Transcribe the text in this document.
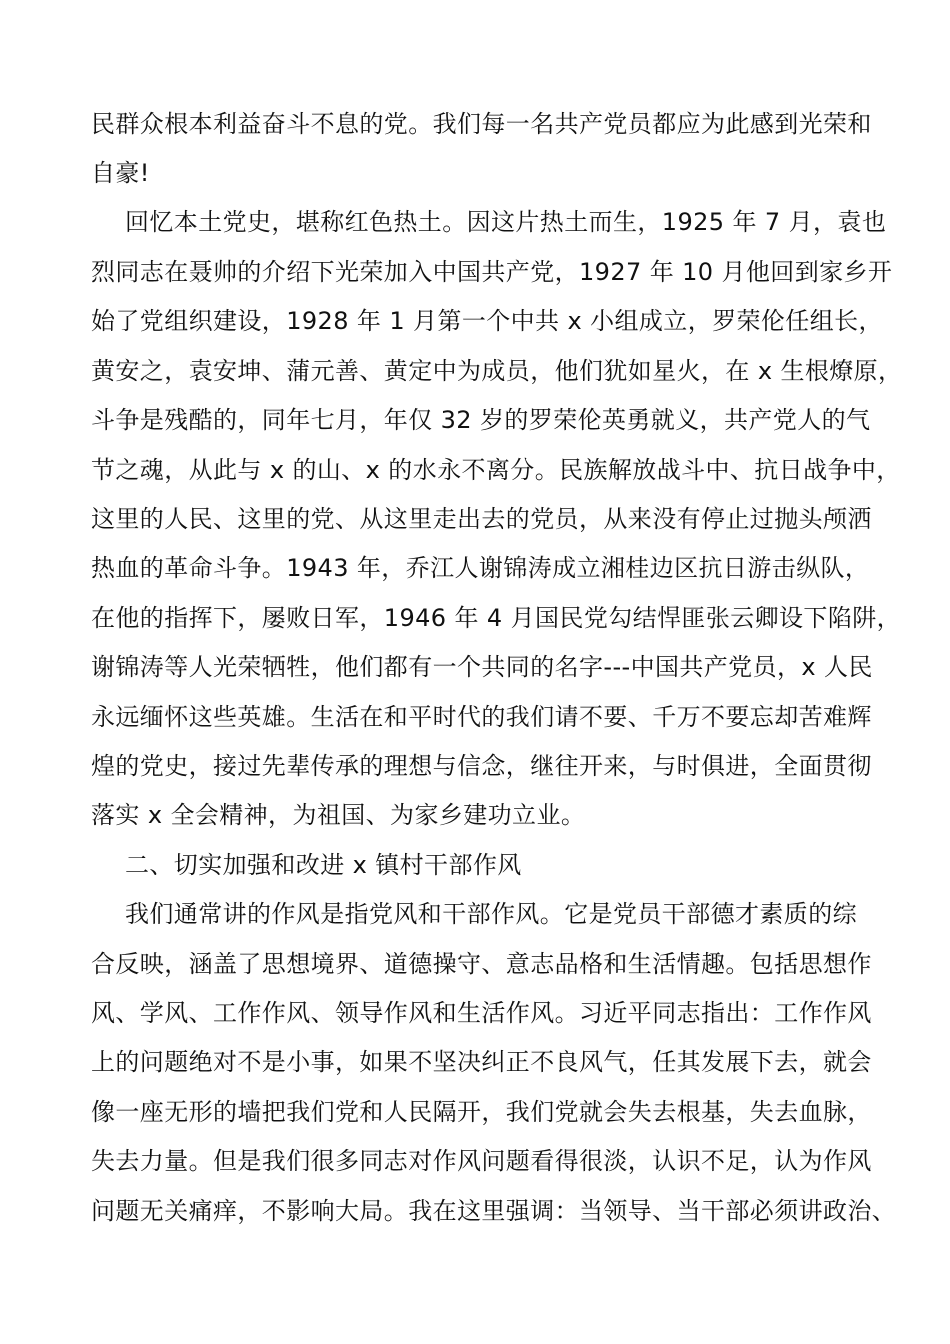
民群众根本利益奋斗不息的党。我们每一名共产党员都应为此感到光荣和
自豪!
回忆本土党史，堪称红色热土。因这片热土而生，1925 年 7 月，袁也
烈同志在聂帅的介绍下光荣加入中国共产党，1927 年 10 月他回到家乡开
始了党组织建设，1928 年 1 月第一个中共 x 小组成立，罗荣伦任组长，
黄安之，袁安坤、蒲元善、黄定中为成员，他们犹如星火，在 x 生根燎原，
斗争是残酷的，同年七月，年仅 32 岁的罗荣伦英勇就义，共产党人的气
节之魂，从此与 x 的山、x 的水永不离分。民族解放战斗中、抗日战争中，
这里的人民、这里的党、从这里走出去的党员，从来没有停止过抛头颅洒
热血的革命斗争。1943 年，乔江人谢锦涛成立湘桂边区抗日游击纵队，
在他的指挥下，屡败日军，1946 年 4 月国民党勾结悍匪张云卿设下陷阱，
谢锦涛等人光荣牺牲，他们都有一个共同的名字---中国共产党员，x 人民
永远缅怀这些英雄。生活在和平时代的我们请不要、千万不要忘却苦难辉
煌的党史，接过先辈传承的理想与信念，继往开来，与时俱进，全面贯彻
落实 x 全会精神，为祖国、为家乡建功立业。
二、切实加强和改进 x 镇村干部作风
我们通常讲的作风是指党风和干部作风。它是党员干部德才素质的综
合反映，涵盖了思想境界、道德操守、意志品格和生活情趣。包括思想作
风、学风、工作作风、领导作风和生活作风。习近平同志指出：工作作风
上的问题绝对不是小事，如果不坚决纠正不良风气，任其发展下去，就会
像一座无形的墙把我们党和人民隔开，我们党就会失去根基，失去血脉，
失去力量。但是我们很多同志对作风问题看得很淡，认识不足，认为作风
问题无关痛痒，不影响大局。我在这里强调：当领导、当干部必须讲政治、
